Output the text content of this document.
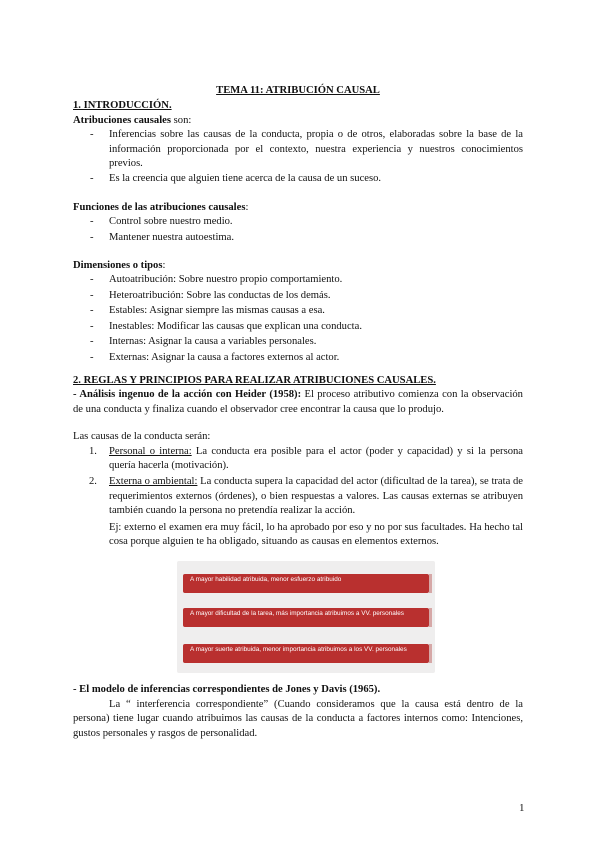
TEMA 11: ATRIBUCIÓN CAUSAL
1. INTRODUCCIÓN.
Atribuciones causales son:
- Inferencias sobre las causas de la conducta, propia o de otros, elaboradas sobre la base de la información proporcionada por el contexto, nuestra experiencia y nuestros conocimientos previos.
- Es la creencia que alguien tiene acerca de la causa de un suceso.
Funciones de las atribuciones causales:
- Control sobre nuestro medio.
- Mantener nuestra autoestima.
Dimensiones o tipos:
- Autoatribución: Sobre nuestro propio comportamiento.
- Heteroatribución: Sobre las conductas de los demás.
- Estables: Asignar siempre las mismas causas a esa.
- Inestables: Modificar las causas que explican una conducta.
- Internas: Asignar la causa a variables personales.
- Externas: Asignar la causa a factores externos al actor.
2. REGLAS Y PRINCIPIOS PARA REALIZAR ATRIBUCIONES CAUSALES.
- Análisis ingenuo de la acción con Heider (1958): El proceso atributivo comienza con la observación de una conducta y finaliza cuando el observador cree encontrar la causa que lo produjo.
Las causas de la conducta serán:
1. Personal o interna: La conducta era posible para el actor (poder y capacidad) y si la persona quería hacerla (motivación).
2. Externa o ambiental: La conducta supera la capacidad del actor (dificultad de la tarea), se trata de requerimientos externos (órdenes), o bien respuestas a valores. Las causas externas se atribuyen también cuando la persona no pretendía realizar la acción.
Ej: externo el examen era muy fácil, lo ha aprobado por eso y no por sus facultades. Ha hecho tal cosa porque alguien te ha obligado, situando as causas en elementos externos.
A mayor habilidad atribuida, menor esfuerzo atribuido
A mayor dificultad de la tarea, más importancia atribuimos a VV. personales
A mayor suerte atribuida, menor importancia atribuimos a los VV. personales
- El modelo de inferencias correspondientes de Jones y Davis (1965).
La “ interferencia correspondiente” (Cuando consideramos que la causa está dentro de la persona) tiene lugar cuando atribuimos las causas de la conducta a factores internos como: Intenciones, gustos personales y rasgos de personalidad.
1
